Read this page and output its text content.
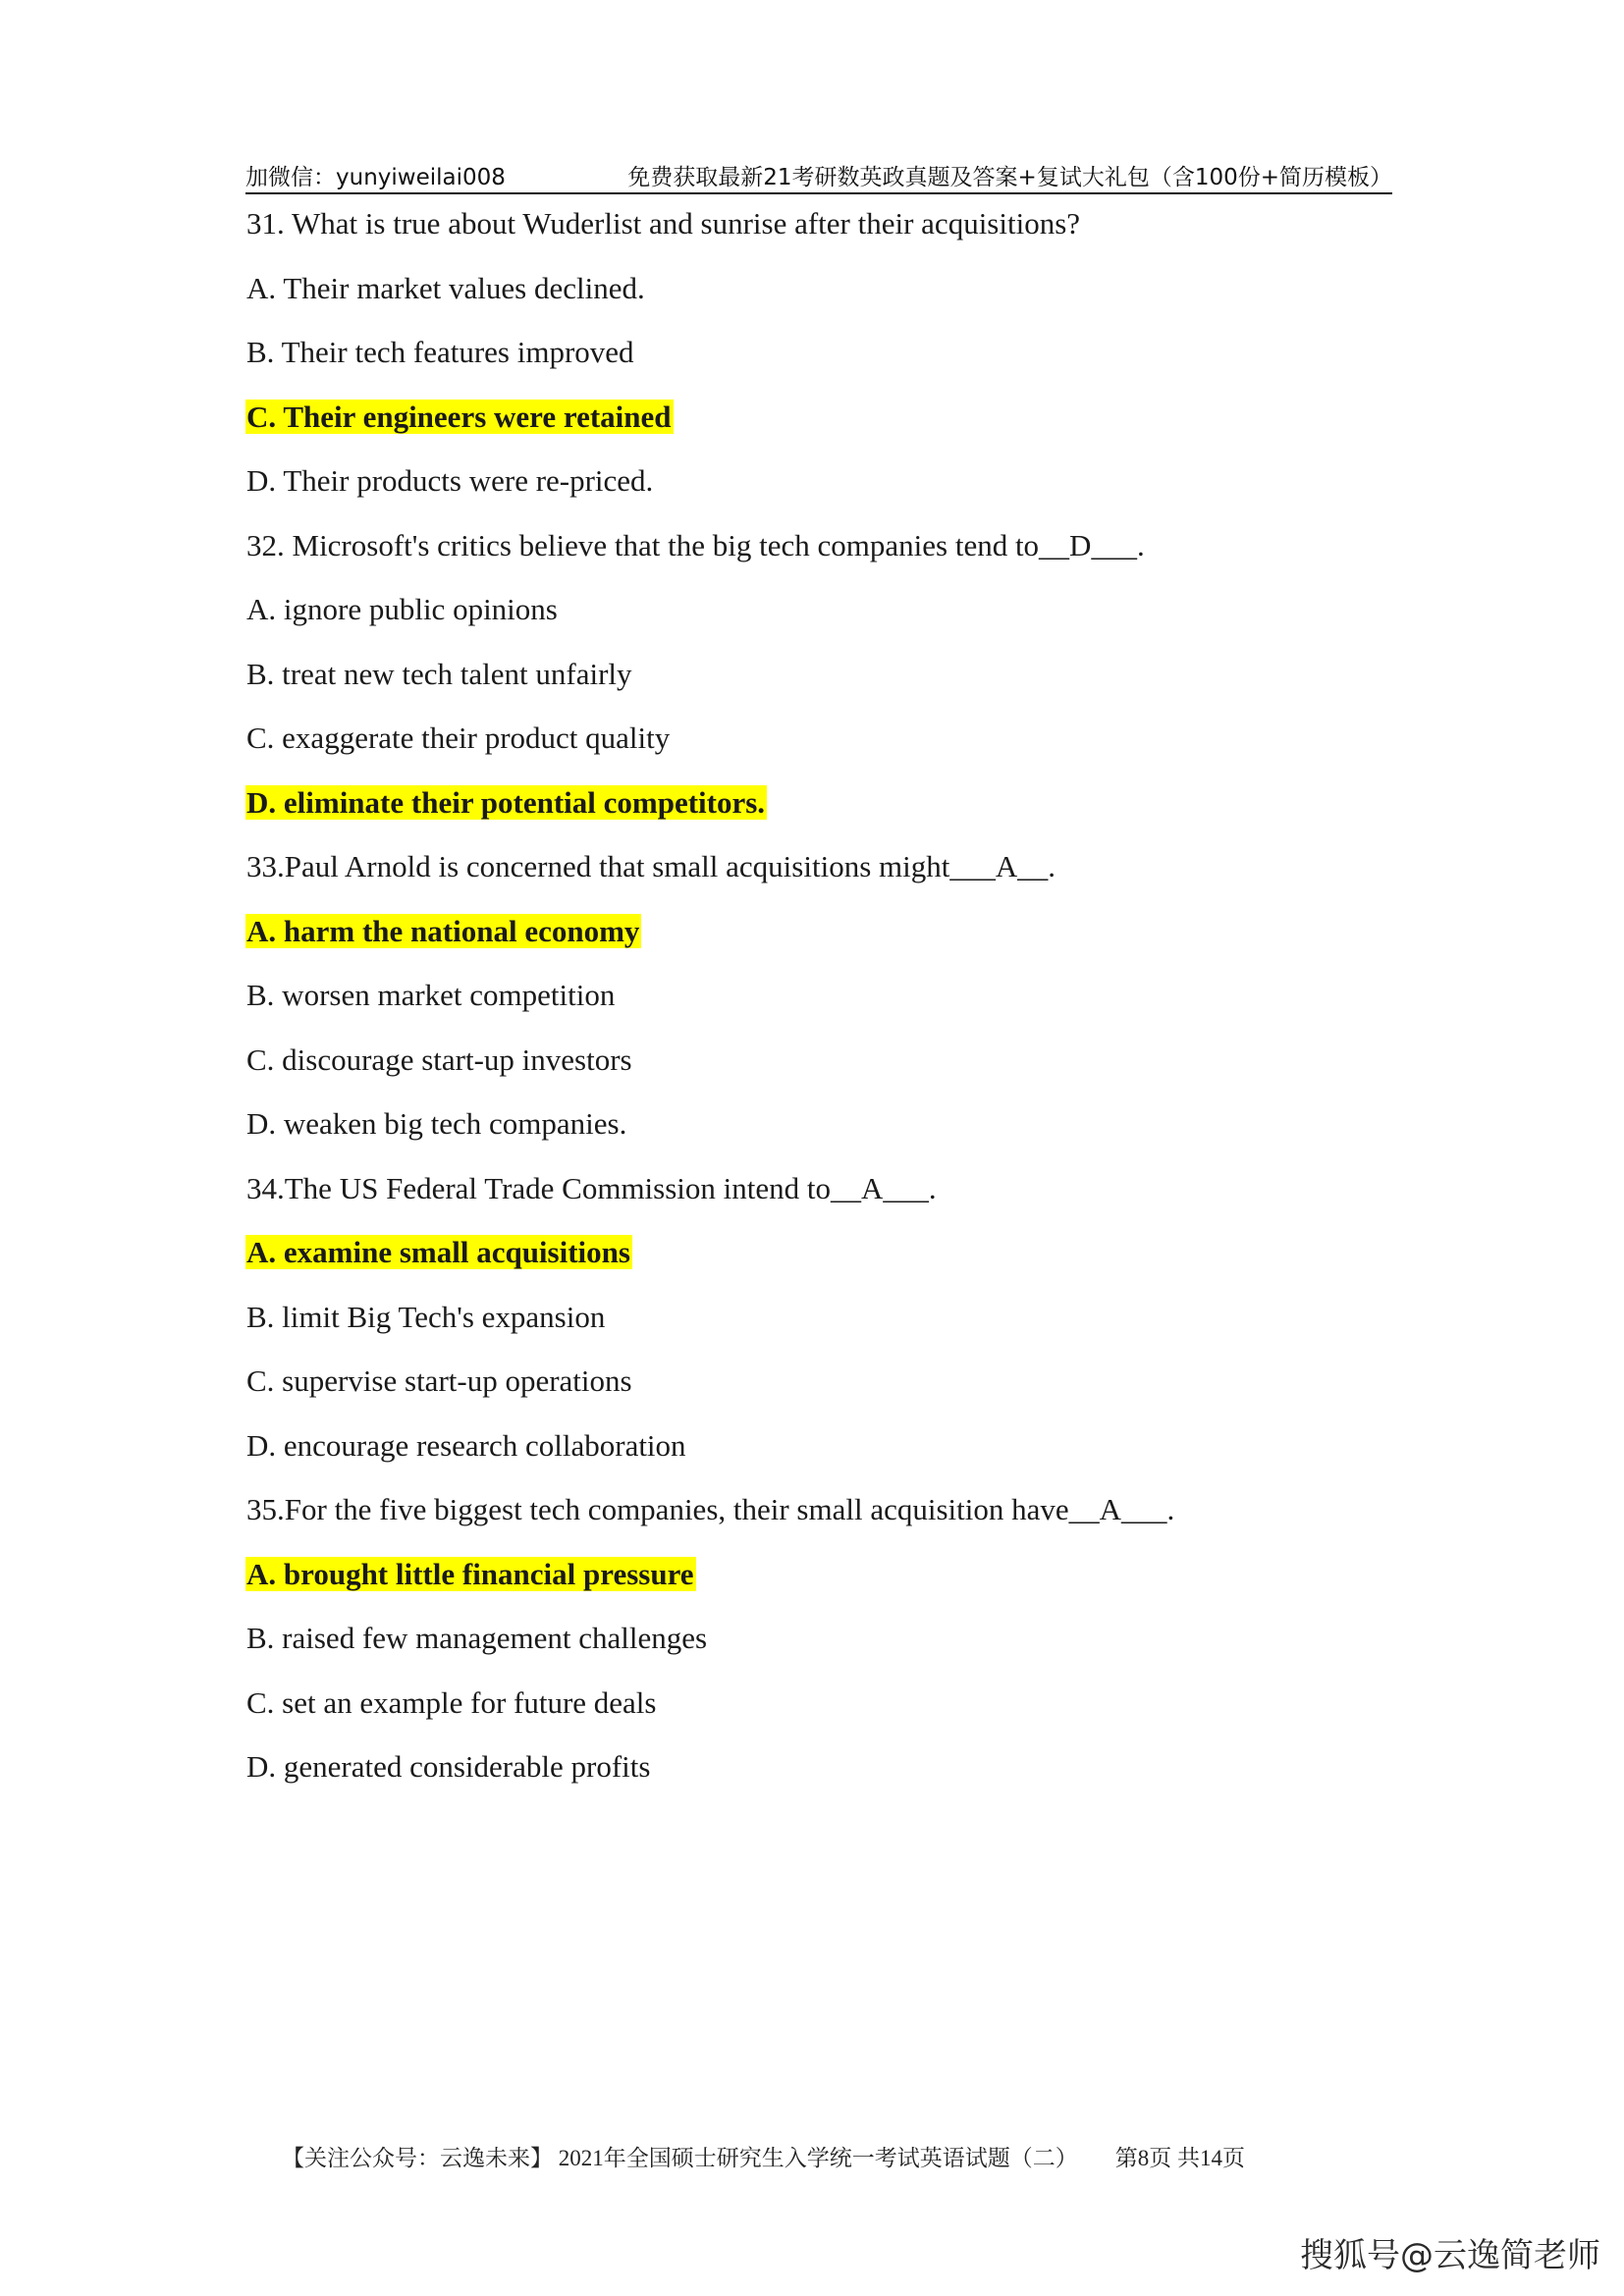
加微信：yunyiweilai008	免费获取最新21考研数英政真题及答案+复试大礼包（含100份+简历模板）
31. What is true about Wuderlist and sunrise after their acquisitions?
A. Their market values declined.
B. Their tech features improved
C. Their engineers were retained
D. Their products were re-priced.
32. Microsoft's critics believe that the big tech companies tend to__D___.
A. ignore public opinions
B. treat new tech talent unfairly
C. exaggerate their product quality
D. eliminate their potential competitors.
33.Paul Arnold is concerned that small acquisitions might___A__.
A. harm the national economy
B. worsen market competition
C. discourage start-up investors
D. weaken big tech companies.
34.The US Federal Trade Commission intend to__A___.
A. examine small acquisitions
B. limit Big Tech's expansion
C. supervise start-up operations
D. encourage research collaboration
35.For the five biggest tech companies, their small acquisition have__A___.
A. brought little financial pressure
B. raised few management challenges
C. set an example for future deals
D. generated considerable profits
【关注公众号：云逸未来】 2021年全国硕士研究生入学统一考试英语试题（二） 第8页 共14页
搜狐号@云逸简老师
